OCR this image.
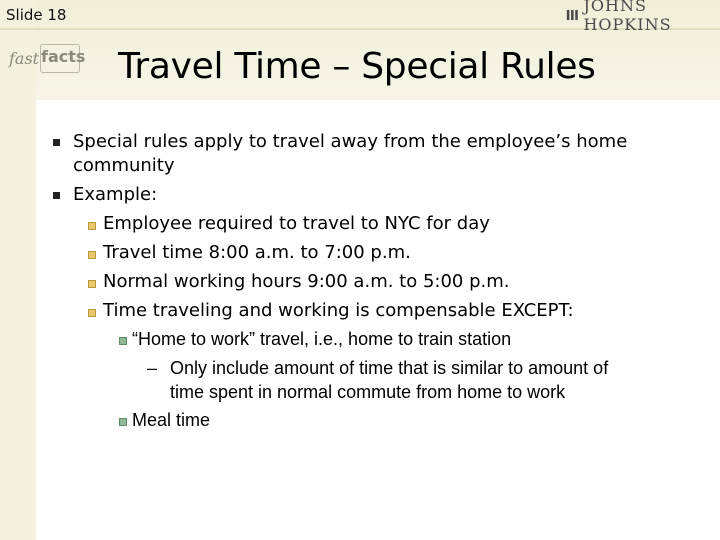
Slide 18	JOHNS HOPKINS
fast facts Travel Time – Special Rules
Special rules apply to travel away from the employee’s home
community
Example:
Employee required to travel to NYC for day
Travel time 8:00 a.m. to 7:00 p.m.
Normal working hours 9:00 a.m. to 5:00 p.m.
Time traveling and working is compensable EXCEPT:
“Home to work” travel, i.e., home to train station
– Only include amount of time that is similar to amount of
time spent in normal commute from home to work
Meal time
